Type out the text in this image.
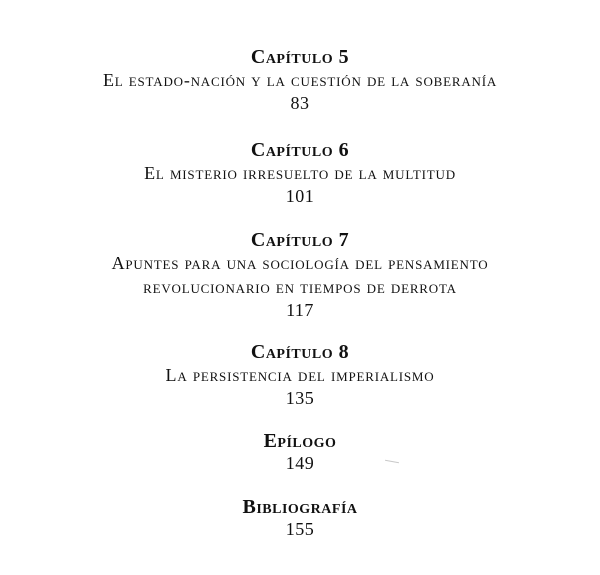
Capítulo 5
El estado-nación y la cuestión de la soberanía
83
Capítulo 6
El misterio irresuelto de la multitud
101
Capítulo 7
Apuntes para una sociología del pensamiento
revolucionario en tiempos de derrota
117
Capítulo 8
La persistencia del imperialismo
135
Epílogo
149
Bibliografía
155
